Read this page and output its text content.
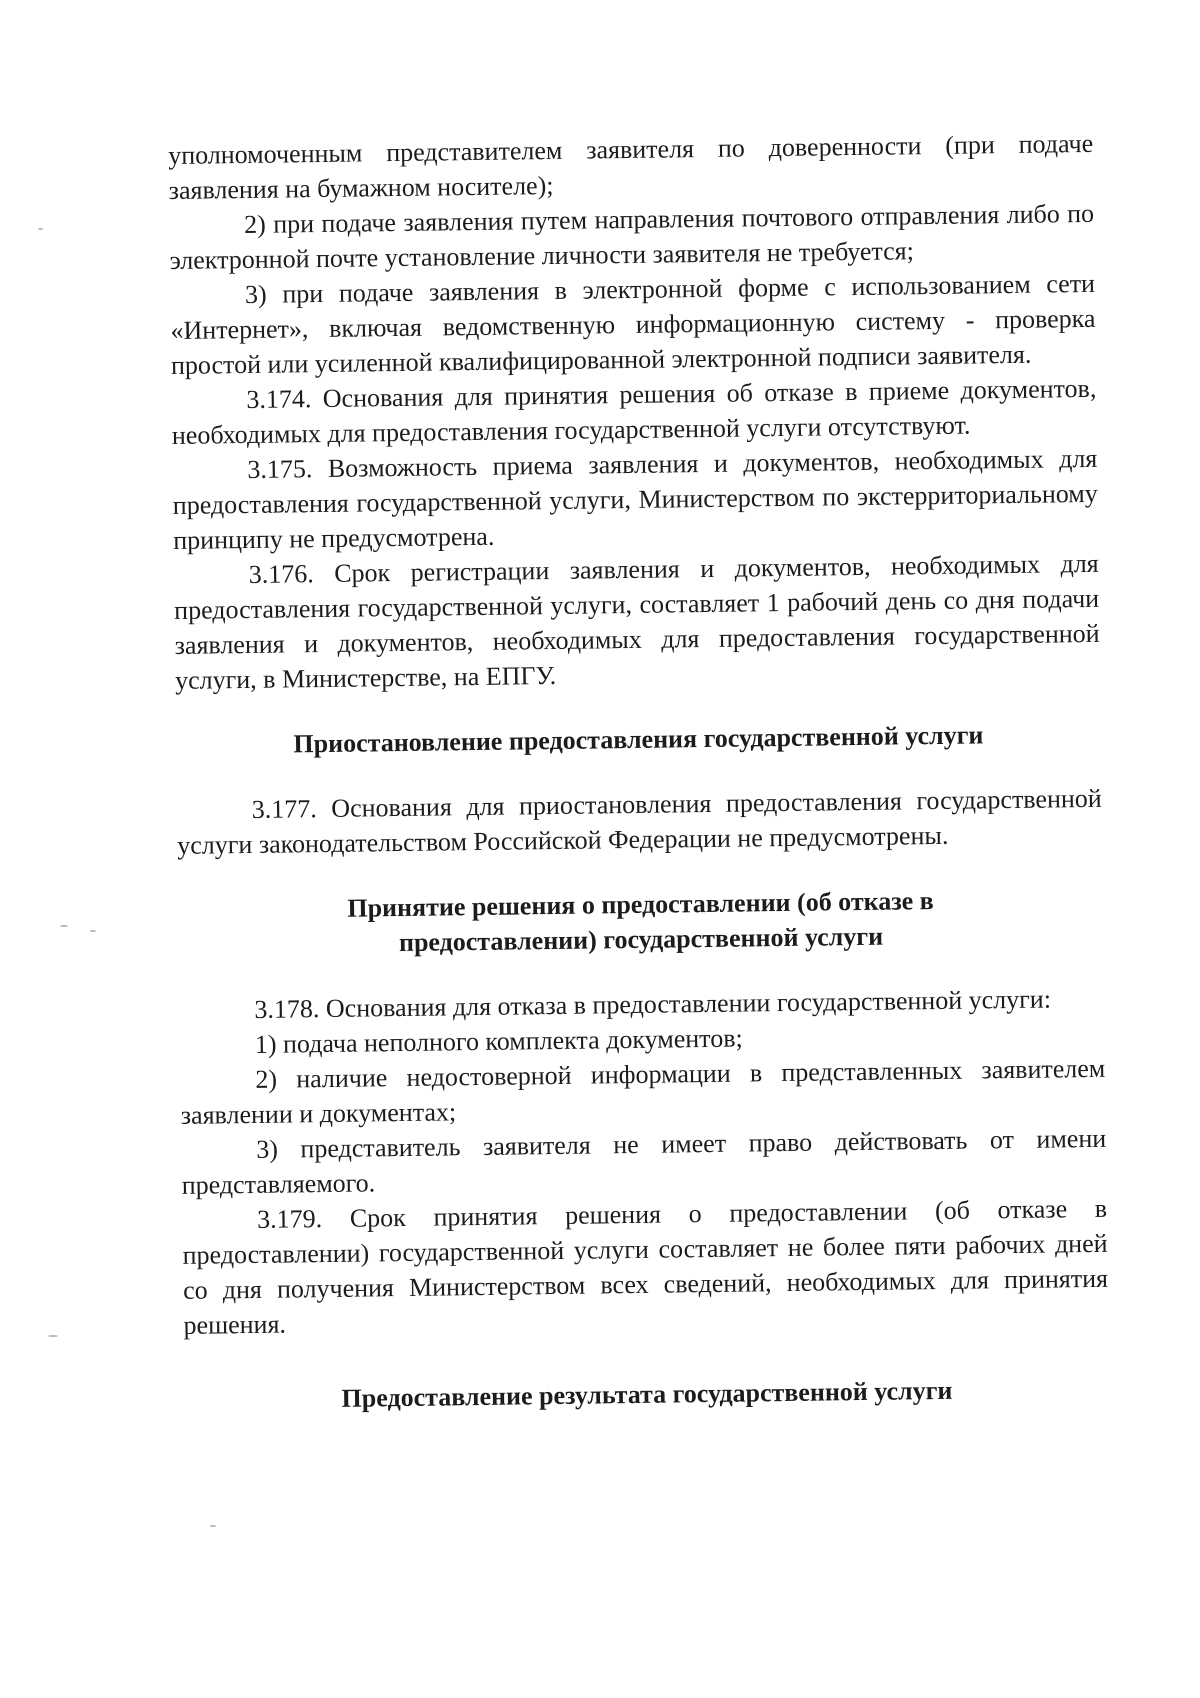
уполномоченным представителем заявителя по доверенности (при подаче заявления на бумажном носителе);

2) при подаче заявления путем направления почтового отправления либо по электронной почте установление личности заявителя не требуется;

3) при подаче заявления в электронной форме с использованием сети «Интернет», включая ведомственную информационную систему - проверка простой или усиленной квалифицированной электронной подписи заявителя.

3.174. Основания для принятия решения об отказе в приеме документов, необходимых для предоставления государственной услуги отсутствуют.

3.175. Возможность приема заявления и документов, необходимых для предоставления государственной услуги, Министерством по экстерриториальному принципу не предусмотрена.

3.176. Срок регистрации заявления и документов, необходимых для предоставления государственной услуги, составляет 1 рабочий день со дня подачи заявления и документов, необходимых для предоставления государственной услуги, в Министерстве, на ЕПГУ.

Приостановление предоставления государственной услуги

3.177. Основания для приостановления предоставления государственной услуги законодательством Российской Федерации не предусмотрены.

Принятие решения о предоставлении (об отказе в

предоставлении) государственной услуги

3.178. Основания для отказа в предоставлении государственной услуги:

1) подача неполного комплекта документов;

2) наличие недостоверной информации в представленных заявителем заявлении и документах;

3) представитель заявителя не имеет право действовать от имени представляемого.

3.179. Срок принятия решения о предоставлении (об отказе в предоставлении) государственной услуги составляет не более пяти рабочих дней со дня получения Министерством всех сведений, необходимых для принятия решения.

Предоставление результата государственной услуги
